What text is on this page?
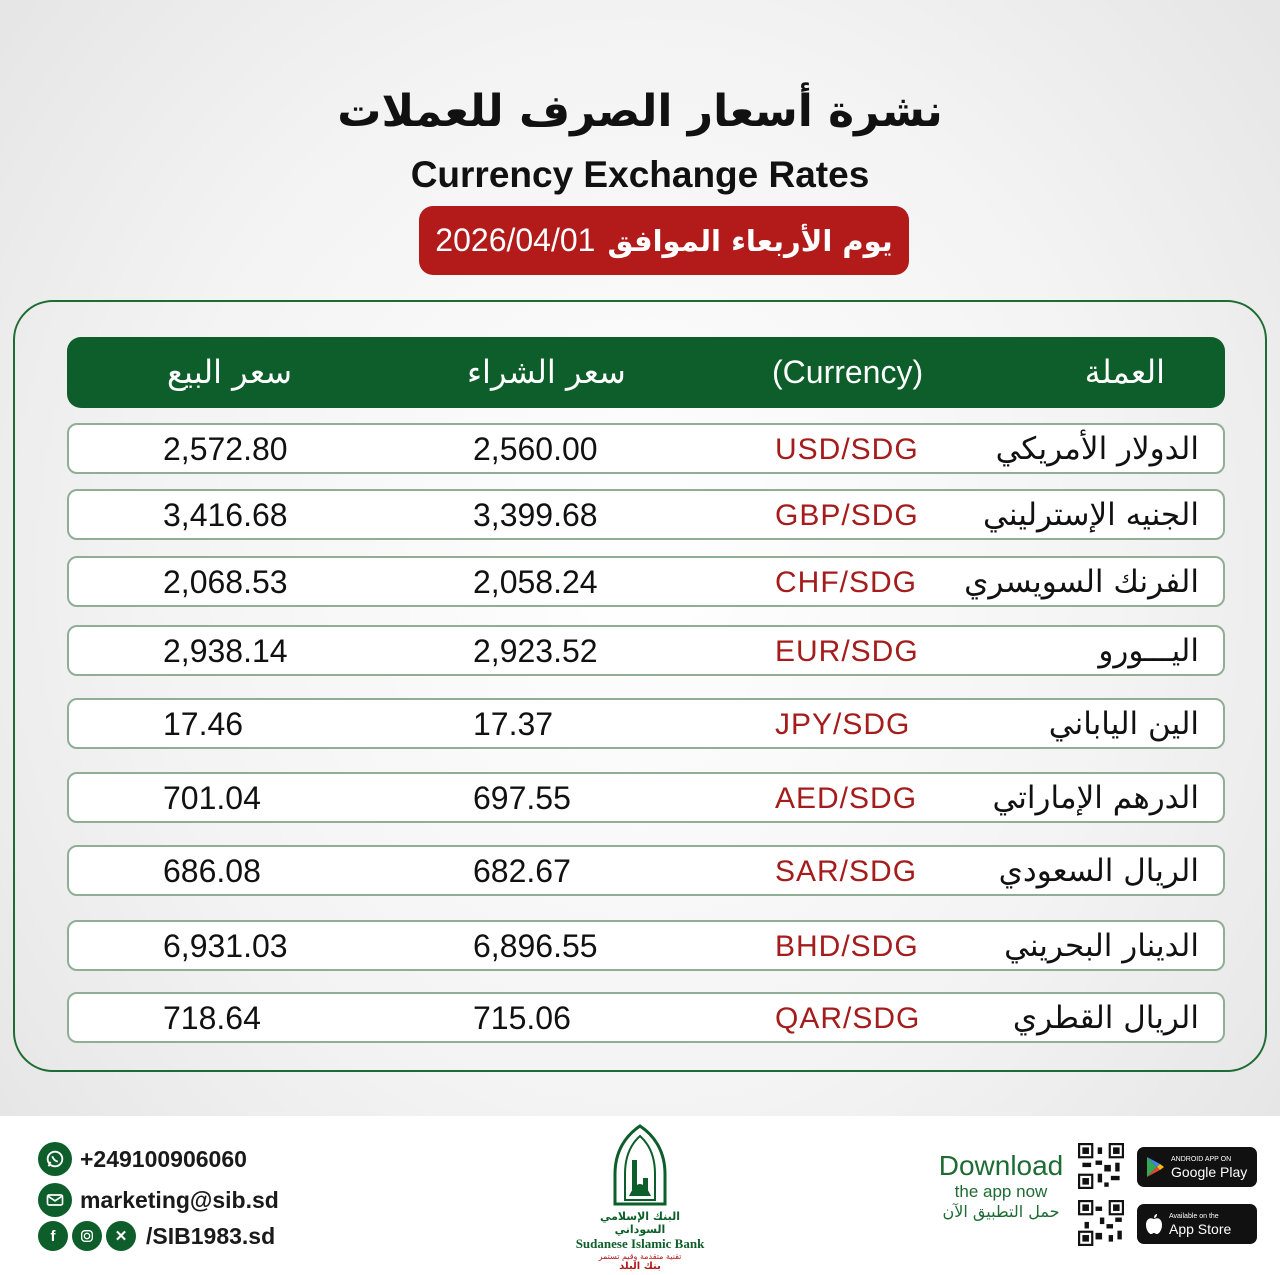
نشرة أسعار الصرف للعملات
Currency Exchange Rates
يوم الأربعاء الموافق
2026/04/01
العملة
(Currency)
سعر الشراء
سعر البيع
الدولار الأمريكي
USD/SDG
2,560.00
2,572.80
الجنيه الإسترليني
GBP/SDG
3,399.68
3,416.68
الفرنك السويسري
CHF/SDG
2,058.24
2,068.53
اليـــورو
EUR/SDG
2,923.52
2,938.14
الين الياباني
JPY/SDG
17.37
17.46
الدرهم الإماراتي
AED/SDG
697.55
701.04
الريال السعودي
SAR/SDG
682.67
686.08
الدينار البحريني
BHD/SDG
6,896.55
6,931.03
الريال القطري
QAR/SDG
715.06
718.64
+249100906060
marketing@sib.sd
f	✕ /SIB1983.sd
البنك الإسلامي السوداني
Sudanese Islamic Bank
تقنية متقدمة وقيم تستمر
بنك البلد
Download
the app now
حمل التطبيق الآن
ANDROID APP ON
Google Play
Available on the
App Store
